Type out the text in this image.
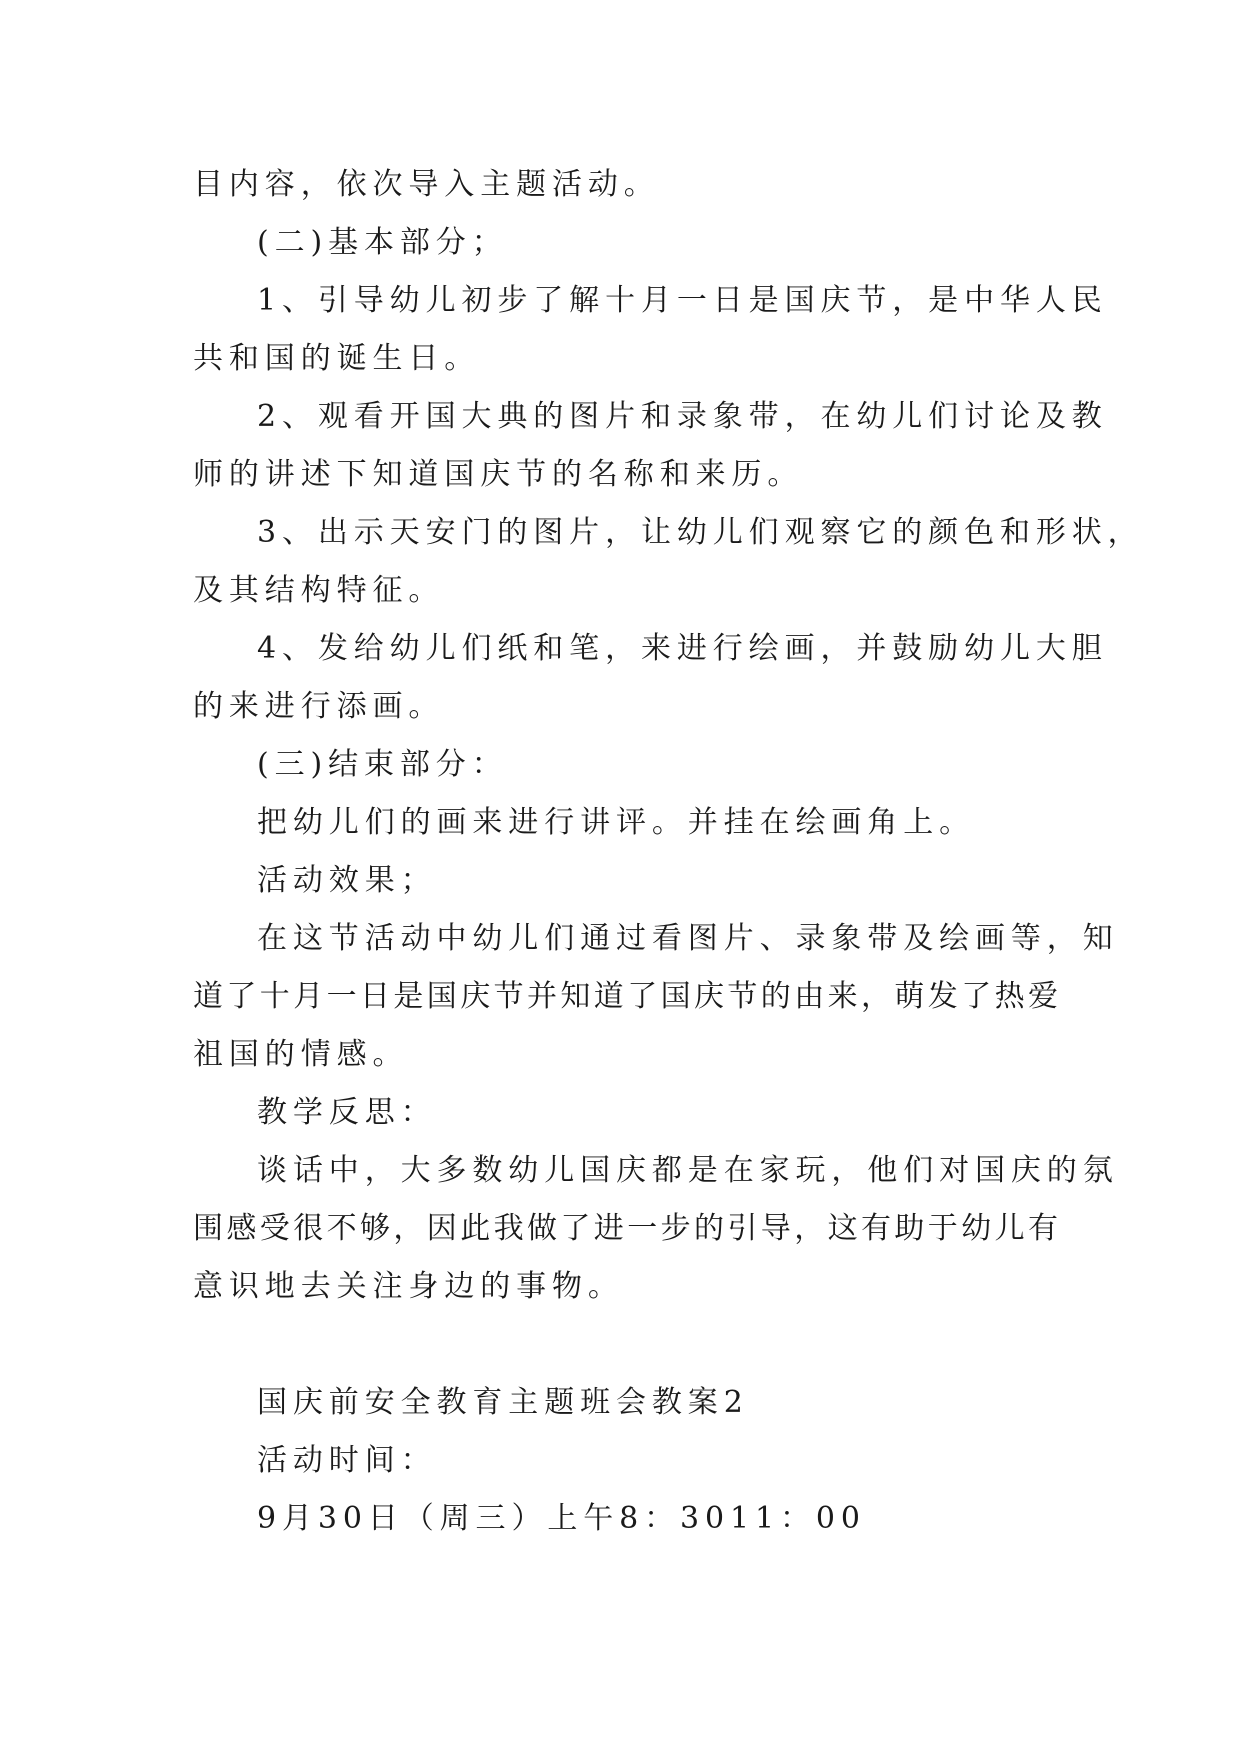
目内容，依次导入主题活动。

(二)基本部分；

1、引导幼儿初步了解十月一日是国庆节，是中华人民

共和国的诞生日。

2、观看开国大典的图片和录象带，在幼儿们讨论及教

师的讲述下知道国庆节的名称和来历。

3、出示天安门的图片，让幼儿们观察它的颜色和形状，

及其结构特征。

4、发给幼儿们纸和笔，来进行绘画，并鼓励幼儿大胆

的来进行添画。

(三)结束部分：

把幼儿们的画来进行讲评。并挂在绘画角上。

活动效果；

在这节活动中幼儿们通过看图片、录象带及绘画等，知

道了十月一日是国庆节并知道了国庆节的由来，萌发了热爱

祖国的情感。

教学反思：

谈话中，大多数幼儿国庆都是在家玩，他们对国庆的氛

围感受很不够，因此我做了进一步的引导，这有助于幼儿有

意识地去关注身边的事物。

国庆前安全教育主题班会教案2

活动时间：

9月30日（周三）上午8：3011：00
